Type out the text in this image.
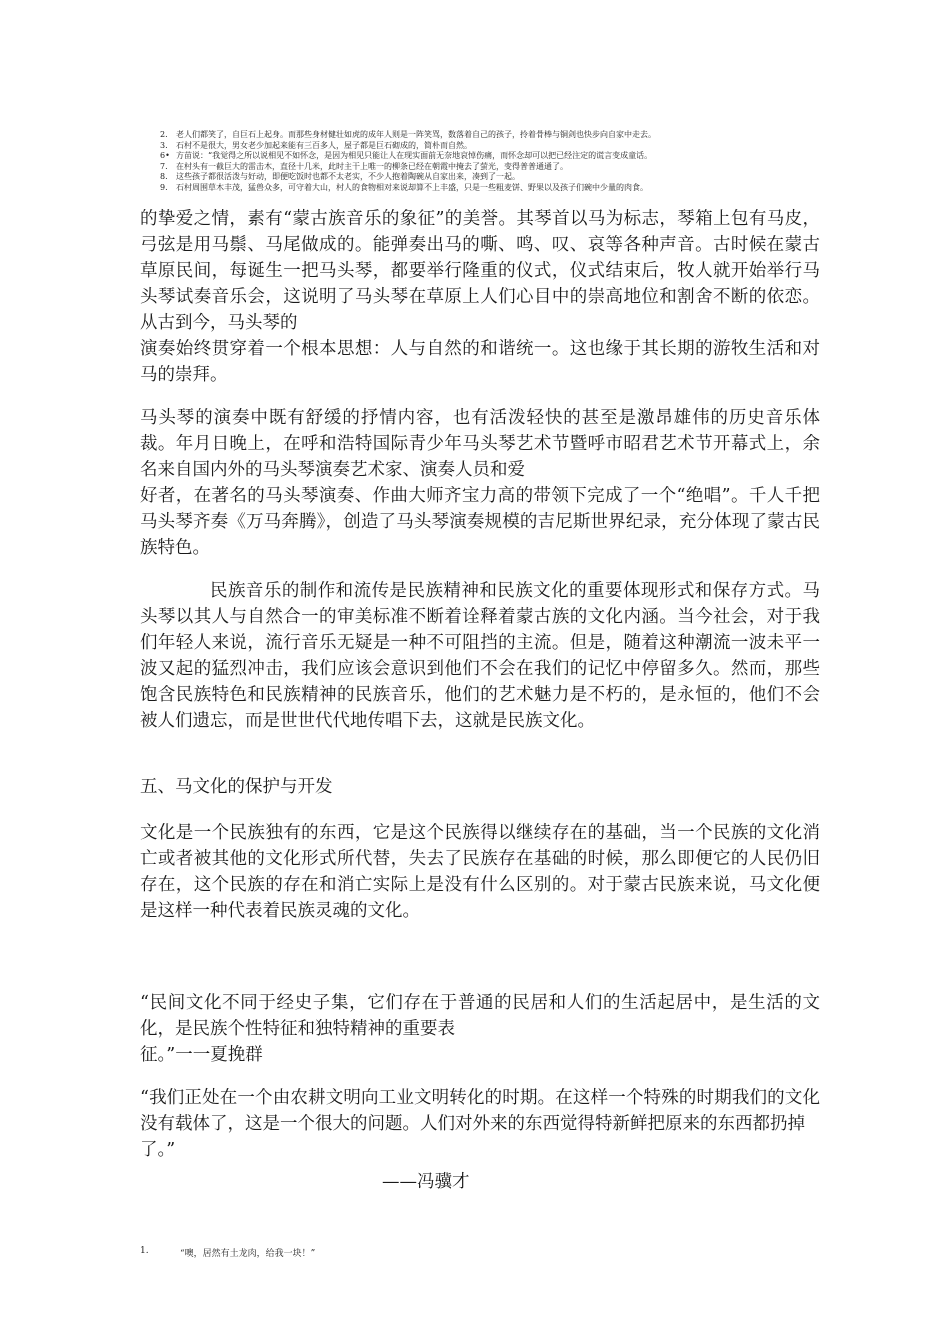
2.	老人们都笑了，自巨石上起身。而那些身材健壮如虎的成年人则是一阵笑骂，数落着自己的孩子，拎着骨棒与铜剑也快步向自家中走去。
3.	石村不是很大，男女老少加起来能有三百多人，屋子都是巨石砌成的，简朴而自然。
6• 方苗说：“我觉得之所以说相见不如怀念，是因为相见只能让人在现实面前无奈地哀悼伤痛，而怀念却可以把已经注定的谎言变成童话。
7.	在村头有一截巨大的雷击木，直径十几米，此时主干上唯一的柳条已经在朝霞中掩去了萤光，变得普普通通了。
8.	这些孩子都很活泼与好动，即便吃饭时也都不太老实，不少人抱着陶碗从自家出来，凑到了一起。
9.	石村周围草木丰茂，猛兽众多，可守着大山，村人的食物相对来说却算不上丰盛，只是一些粗麦饼、野果以及孩子们碗中少量的肉食。

的挚爱之情，素有“蒙古族音乐的象征”的美誉。其琴首以马为标志，琴箱上包有马皮，弓弦是用马鬃、马尾做成的。能弹奏出马的嘶、鸣、叹、哀等各种声音。古时候在蒙古草原民间，每诞生一把马头琴，都要举行隆重的仪式，仪式结束后，牧人就开始举行马头琴试奏音乐会，这说明了马头琴在草原上人们心目中的崇高地位和割舍不断的依恋。从古到今，马头琴的

演奏始终贯穿着一个根本思想：人与自然的和谐统一。这也缘于其长期的游牧生活和对马的崇拜。

马头琴的演奏中既有舒缓的抒情内容，也有活泼轻快的甚至是激昂雄伟的历史音乐体裁。年月日晚上，在呼和浩特国际青少年马头琴艺术节暨呼市昭君艺术节开幕式上，余名来自国内外的马头琴演奏艺术家、演奏人员和爱

好者，在著名的马头琴演奏、作曲大师齐宝力高的带领下完成了一个“绝唱”。千人千把马头琴齐奏《万马奔腾》，创造了马头琴演奏规模的吉尼斯世界纪录，充分体现了蒙古民族特色。

民族音乐的制作和流传是民族精神和民族文化的重要体现形式和保存方式。马头琴以其人与自然合一的审美标准不断着诠释着蒙古族的文化内涵。当今社会，对于我们年轻人来说，流行音乐无疑是一种不可阻挡的主流。但是，随着这种潮流一波未平一波又起的猛烈冲击，我们应该会意识到他们不会在我们的记忆中停留多久。然而，那些饱含民族特色和民族精神的民族音乐，他们的艺术魅力是不朽的，是永恒的，他们不会被人们遗忘，而是世世代代地传唱下去，这就是民族文化。

五、马文化的保护与开发

文化是一个民族独有的东西，它是这个民族得以继续存在的基础，当一个民族的文化消亡或者被其他的文化形式所代替，失去了民族存在基础的时候，那么即便它的人民仍旧存在，这个民族的存在和消亡实际上是没有什么区别的。对于蒙古民族来说，马文化便是这样一种代表着民族灵魂的文化。

“民间文化不同于经史子集，它们存在于普通的民居和人们的生活起居中，是生活的文化，是民族个性特征和独特精神的重要表

征。”一一夏挽群

“我们正处在一个由农耕文明向工业文明转化的时期。在这样一个特殊的时期我们的文化没有载体了，这是一个很大的问题。人们对外来的东西觉得特新鲜把原来的东西都扔掉

了。”

——冯骥才

1.	“噢，居然有土龙肉，给我一块！”
